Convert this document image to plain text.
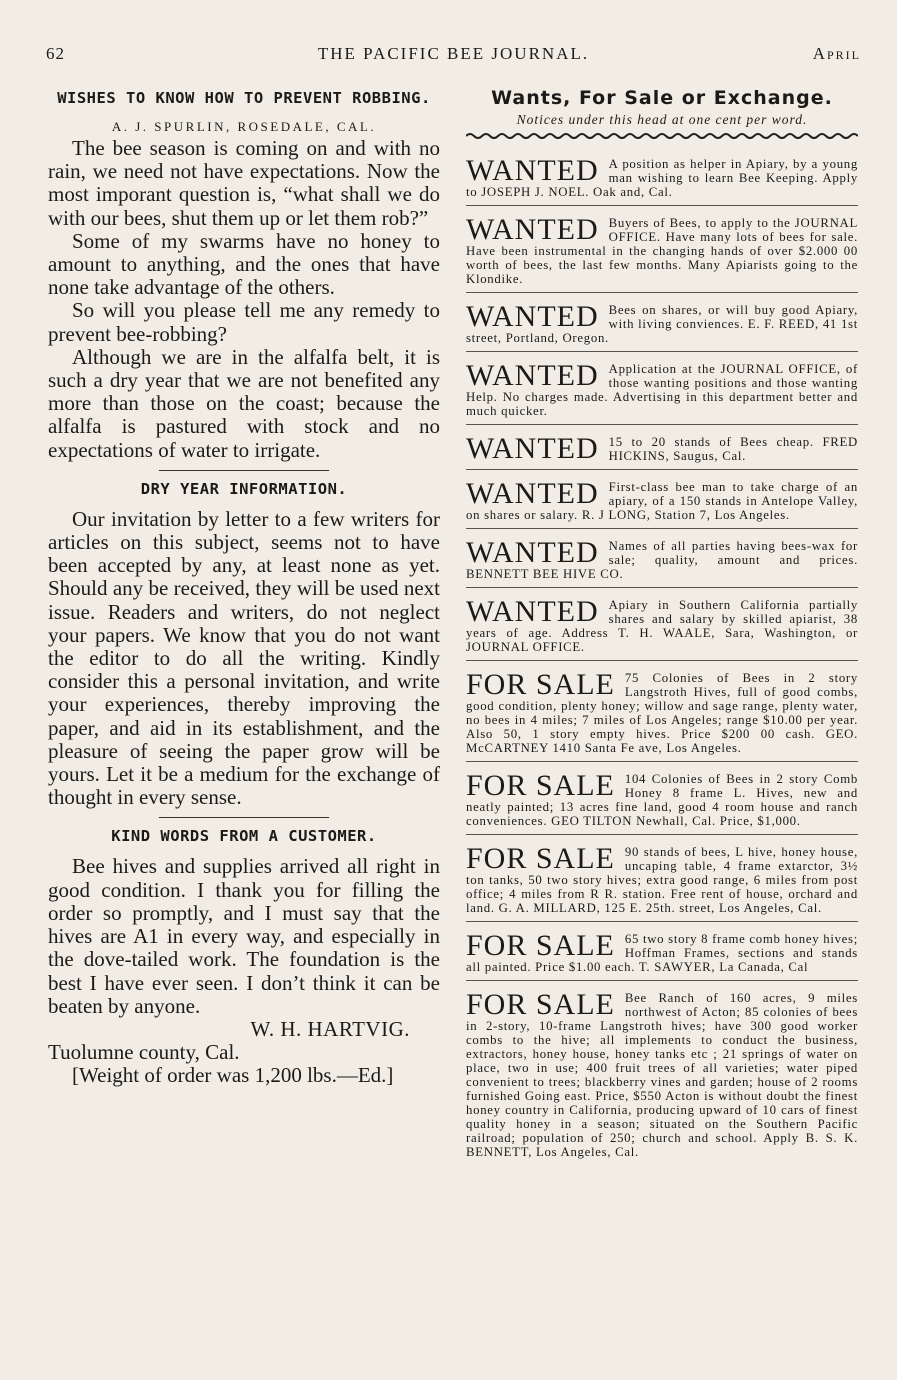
62	THE PACIFIC BEE JOURNAL.	April
WISHES TO KNOW HOW TO PREVENT ROBBING.
A. J. SPURLIN, ROSEDALE, CAL.

The bee season is coming on and with no rain, we need not have expectations. Now the most imporant question is, “what shall we do with our bees, shut them up or let them rob?”

Some of my swarms have no honey to amount to anything, and the ones that have none take advantage of the others.

So will you please tell me any remedy to prevent bee-robbing?

Although we are in the alfalfa belt, it is such a dry year that we are not benefited any more than those on the coast; because the alfalfa is pastured with stock and no expectations of water to irrigate.

DRY YEAR INFORMATION.

Our invitation by letter to a few writers for articles on this subject, seems not to have been accepted by any, at least none as yet. Should any be received, they will be used next issue. Readers and writers, do not neglect your papers. We know that you do not want the editor to do all the writing. Kindly consider this a personal invitation, and write your experiences, thereby improving the paper, and aid in its establishment, and the pleasure of seeing the paper grow will be yours. Let it be a medium for the exchange of thought in every sense.

KIND WORDS FROM A CUSTOMER.

Bee hives and supplies arrived all right in good condition. I thank you for filling the order so promptly, and I must say that the hives are A1 in every way, and especially in the dove-tailed work. The foundation is the best I have ever seen. I don’t think it can be beaten by anyone.

W. H. HARTVIG.

Tuolumne county, Cal.

[Weight of order was 1,200 lbs.—Ed.]

Wants, For Sale or Exchange.
Notices under this head at one cent per word.
WANTED A position as helper in Apiary, by a young man wishing to learn Bee Keeping. Apply to JOSEPH J. NOEL. Oak and, Cal.
WANTED Buyers of Bees, to apply to the JOURNAL OFFICE. Have many lots of bees for sale. Have been instrumental in the changing hands of over $2.000 00 worth of bees, the last few months. Many Apiarists going to the Klondike.
WANTED Bees on shares, or will buy good Apiary, with living conviences. E. F. REED, 41 1st street, Portland, Oregon.
WANTED Application at the JOURNAL OFFICE, of those wanting positions and those wanting Help. No charges made. Advertising in this department better and much quicker.
WANTED 15 to 20 stands of Bees cheap. FRED HICKINS, Saugus, Cal.
WANTED First-class bee man to take charge of an apiary, of a 150 stands in Antelope Valley, on shares or salary. R. J LONG, Station 7, Los Angeles.
WANTED Names of all parties having bees-wax for sale; quality, amount and prices. BENNETT BEE HIVE CO.
WANTED Apiary in Southern California partially shares and salary by skilled apiarist, 38 years of age. Address T. H. WAALE, Sara, Washington, or JOURNAL OFFICE.
FOR SALE 75 Colonies of Bees in 2 story Langstroth Hives, full of good combs, good condition, plenty honey; willow and sage range, plenty water, no bees in 4 miles; 7 miles of Los Angeles; range $10.00 per year. Also 50, 1 story empty hives. Price $200 00 cash. GEO. McCARTNEY 1410 Santa Fe ave, Los Angeles.
FOR SALE 104 Colonies of Bees in 2 story Comb Honey 8 frame L. Hives, new and neatly painted; 13 acres fine land, good 4 room house and ranch conveniences. GEO TILTON Newhall, Cal. Price, $1,000.
FOR SALE 90 stands of bees, L hive, honey house, uncaping table, 4 frame extarctor, 3½ ton tanks, 50 two story hives; extra good range, 6 miles from post office; 4 miles from R R. station. Free rent of house, orchard and land. G. A. MILLARD, 125 E. 25th. street, Los Angeles, Cal.
FOR SALE 65 two story 8 frame comb honey hives; Hoffman Frames, sections and stands all painted. Price $1.00 each. T. SAWYER, La Canada, Cal
FOR SALE Bee Ranch of 160 acres, 9 miles northwest of Acton; 85 colonies of bees in 2-story, 10-frame Langstroth hives; have 300 good worker combs to the hive; all implements to conduct the business, extractors, honey house, honey tanks etc ; 21 springs of water on place, two in use; 400 fruit trees of all varieties; water piped convenient to trees; blackberry vines and garden; house of 2 rooms furnished Going east. Price, $550 Acton is without doubt the finest honey country in California, producing upward of 10 cars of finest quality honey in a season; situated on the Southern Pacific railroad; population of 250; church and school. Apply B. S. K. BENNETT, Los Angeles, Cal.
